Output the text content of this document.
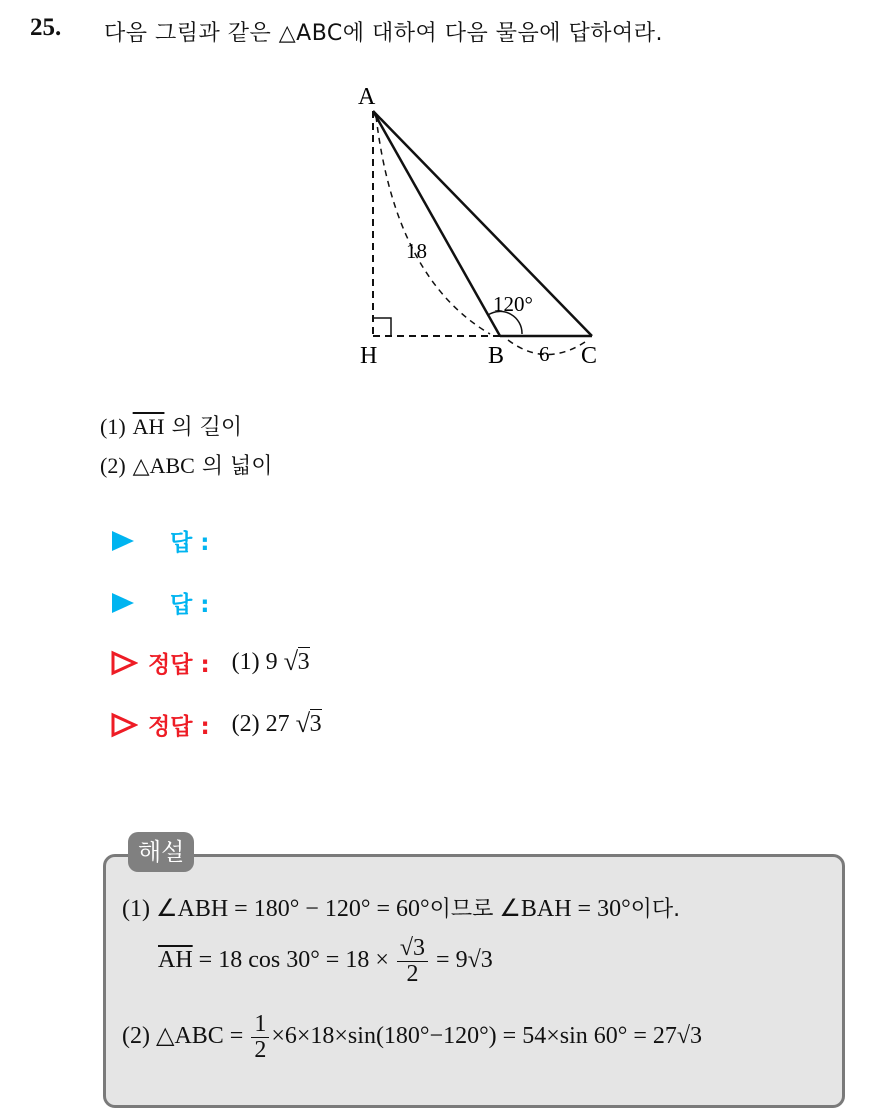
25. 다음 그림과 같은 △ABC에 대하여 다음 물음에 답하여라.
A
H	B	C
18
6
120°
(1) $\overline{AH}$ 의 길이
(2) △ABC 의 넓이
답 :
답 :
정답 : (1) 9 √ 3
정답 : (2) 27 √ 3
해설
(1) ∠ABH = 180° − 120° = 60°이므로 ∠BAH = 30°이다.
$\overline{AH} = 18$ $\cos 30^\circ = 18 \times \frac{√3}{2} = 9√3$
(2) △ABC = $\frac{1}{2} \times 6\times 18\times\sin(180^\circ-120^\circ) = 54\times\sin$ 60° = 27√3
